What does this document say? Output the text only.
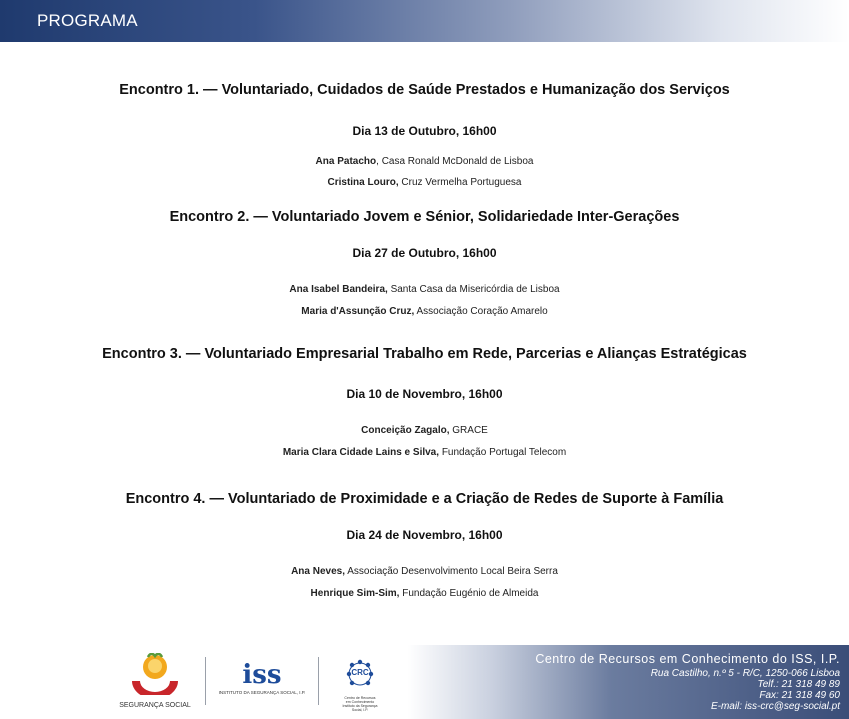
PROGRAMA
Encontro 1. — Voluntariado, Cuidados de Saúde Prestados e Humanização dos Serviços
Dia 13 de Outubro, 16h00
Ana Patacho, Casa Ronald McDonald de Lisboa
Cristina Louro, Cruz Vermelha Portuguesa
Encontro 2. — Voluntariado Jovem e Sénior, Solidariedade Inter-Gerações
Dia 27 de Outubro, 16h00
Ana Isabel Bandeira, Santa Casa da Misericórdia de Lisboa
Maria d'Assunção Cruz, Associação Coração Amarelo
Encontro 3. — Voluntariado Empresarial Trabalho em Rede, Parcerias e Alianças Estratégicas
Dia 10 de Novembro, 16h00
Conceição Zagalo, GRACE
Maria Clara Cidade Lains e Silva, Fundação Portugal Telecom
Encontro 4. — Voluntariado de Proximidade e a Criação de Redes de Suporte à Família
Dia 24 de Novembro, 16h00
Ana Neves, Associação Desenvolvimento Local Beira Serra
Henrique Sim-Sim, Fundação Eugénio de Almeida
SEGURANÇA SOCIAL
iss
INSTITUTO DA SEGURANÇA SOCIAL, I.P.
CRC
Centro de Recursos em Conhecimento Instituto da Segurança Social, I.P.
Centro de Recursos em Conhecimento do ISS, I.P.
Rua Castilho, n.º 5 - R/C, 1250-066 Lisboa
Telf.: 21 318 49 89
Fax: 21 318 49 60
E-mail: iss-crc@seg-social.pt
